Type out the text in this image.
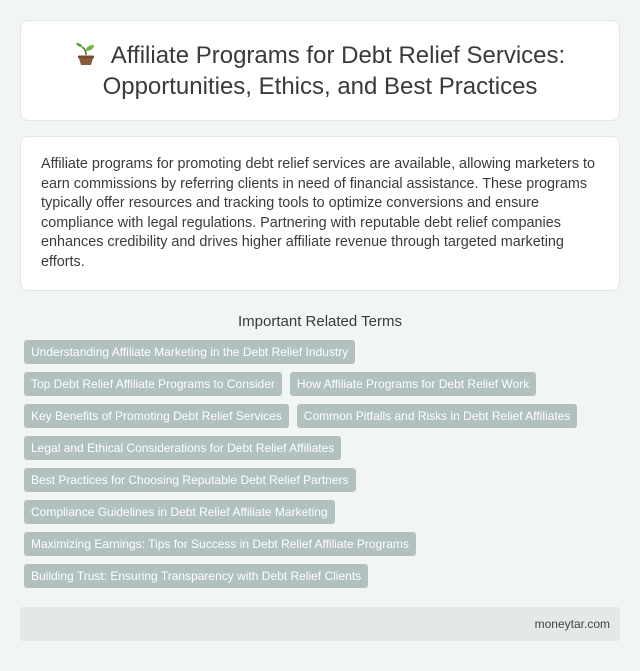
Affiliate Programs for Debt Relief Services:
Opportunities, Ethics, and Best Practices

Affiliate programs for promoting debt relief services are available, allowing marketers to earn commissions by referring clients in need of financial assistance. These programs typically offer resources and tracking tools to optimize conversions and ensure compliance with legal regulations. Partnering with reputable debt relief companies enhances credibility and drives higher affiliate revenue through targeted marketing efforts.

Important Related Terms
Understanding Affiliate Marketing in the Debt Relief Industry
Top Debt Relief Affiliate Programs to Consider	How Affiliate Programs for Debt Relief Work
Key Benefits of Promoting Debt Relief Services	Common Pitfalls and Risks in Debt Relief Affiliates
Legal and Ethical Considerations for Debt Relief Affiliates
Best Practices for Choosing Reputable Debt Relief Partners
Compliance Guidelines in Debt Relief Affiliate Marketing
Maximizing Earnings: Tips for Success in Debt Relief Affiliate Programs
Building Trust: Ensuring Transparency with Debt Relief Clients
moneytar.com
